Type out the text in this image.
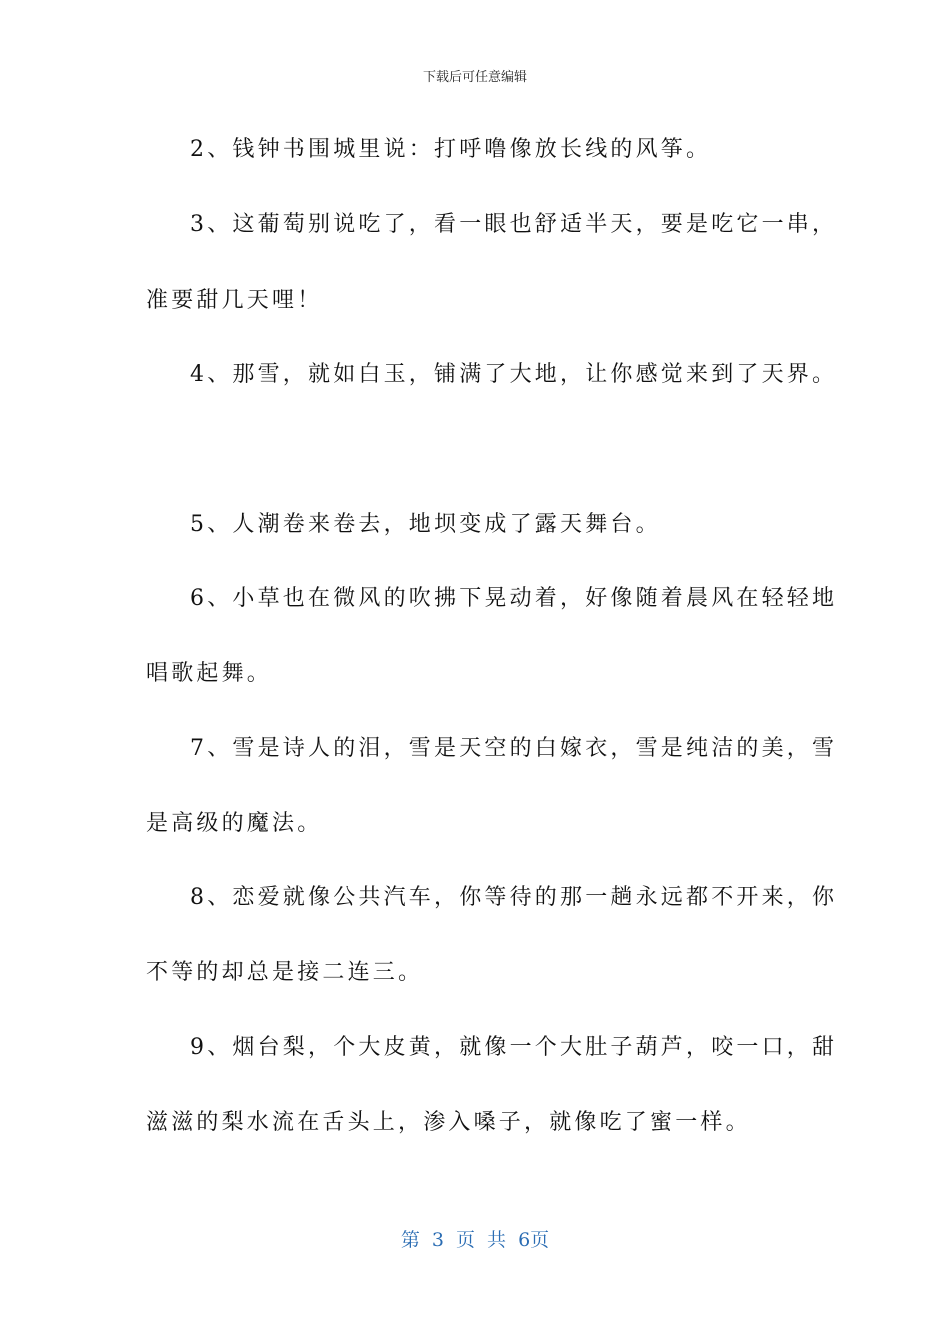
下载后可任意编辑
2、钱钟书围城里说：打呼噜像放长线的风筝。
3、这葡萄别说吃了，看一眼也舒适半天，要是吃它一串，
准要甜几天哩！
4、那雪，就如白玉，铺满了大地，让你感觉来到了天界。
5、人潮卷来卷去，地坝变成了露天舞台。
6、小草也在微风的吹拂下晃动着，好像随着晨风在轻轻地
唱歌起舞。
7、雪是诗人的泪，雪是天空的白嫁衣，雪是纯洁的美，雪
是高级的魔法。
8、恋爱就像公共汽车，你等待的那一趟永远都不开来，你
不等的却总是接二连三。
9、烟台梨，个大皮黄，就像一个大肚子葫芦，咬一口，甜
滋滋的梨水流在舌头上，渗入嗓子，就像吃了蜜一样。
第 3 页 共 6页
